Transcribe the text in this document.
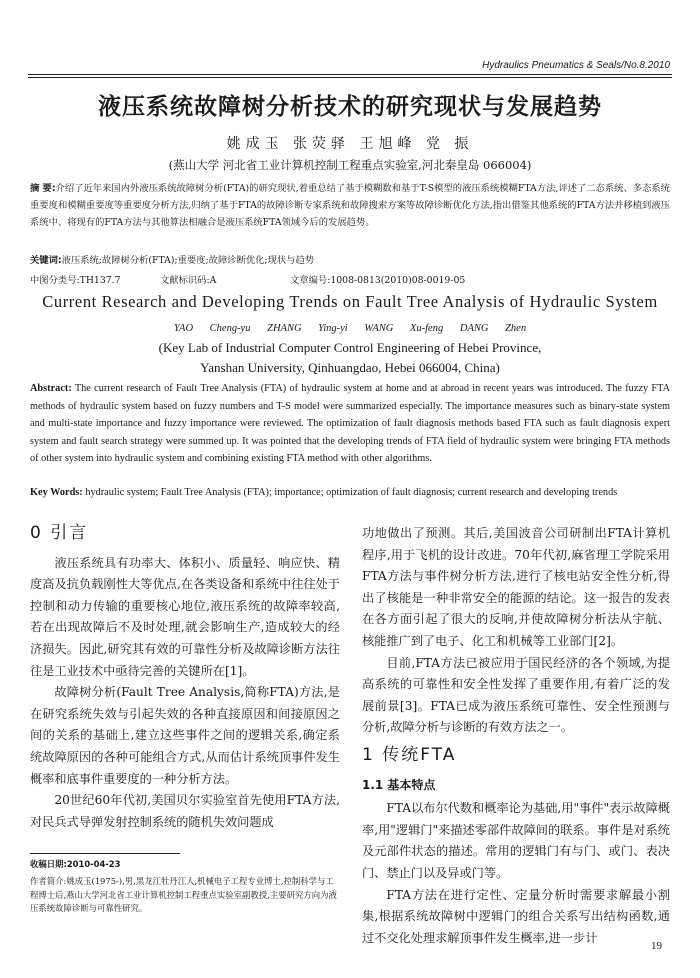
Hydraulics Pneumatics & Seals/No.8.2010
液压系统故障树分析技术的研究现状与发展趋势
姚成玉 张荧驿 王旭峰 党 振
(燕山大学 河北省工业计算机控制工程重点实验室,河北秦皇岛 066004)
摘 要:介绍了近年来国内外液压系统故障树分析(FTA)的研究现状,着重总结了基于模糊数和基于T-S模型的液压系统模糊FTA方法,评述了二态系统、多态系统重要度和模糊重要度等重要度分析方法,归纳了基于FTA的故障诊断专家系统和故障搜索方案等故障诊断优化方法,指出借鉴其他系统的FTA方法并移植到液压系统中、将现有的FTA方法与其他算法相融合是液压系统FTA领域今后的发展趋势。
关键词:液压系统;故障树分析(FTA);重要度;故障诊断优化;现状与趋势
中图分类号:TH137.7	文献标识码:A	文章编号:1008-0813(2010)08-0019-05
Current Research and Developing Trends on Fault Tree Analysis of Hydraulic System
YAO Cheng-yu ZHANG Ying-yi WANG Xu-feng DANG Zhen
(Key Lab of Industrial Computer Control Engineering of Hebei Province,
Yanshan University, Qinhuangdao, Hebei 066004, China)
Abstract: The current research of Fault Tree Analysis (FTA) of hydraulic system at home and at abroad in recent years was introduced. The fuzzy FTA methods of hydraulic system based on fuzzy numbers and T-S model were summarized especially. The importance measures such as binary-state system and multi-state importance and fuzzy importance were reviewed. The optimization of fault diagnosis methods based FTA such as fault diagnosis expert system and fault search strategy were summed up. It was pointed that the developing trends of FTA field of hydraulic system were bringing FTA methods of other system into hydraulic system and combining existing FTA method with other algorithms.
Key Words: hydraulic system; Fault Tree Analysis (FTA); importance; optimization of fault diagnosis; current research and developing trends
0 引言

液压系统具有功率大、体积小、质量轻、响应快、精度高及抗负载刚性大等优点,在各类设备和系统中往往处于控制和动力传输的重要核心地位,液压系统的故障率较高,若在出现故障后不及时处理,就会影响生产,造成较大的经济损失。因此,研究其有效的可靠性分析及故障诊断方法往往是工业技术中亟待完善的关键所在[1]。

故障树分析(Fault Tree Analysis,简称FTA)方法,是在研究系统失效与引起失效的各种直接原因和间接原因之间的关系的基础上,建立这些事件之间的逻辑关系,确定系统故障原因的各种可能组合方式,从而估计系统顶事件发生概率和底事件重要度的一种分析方法。

20世纪60年代初,美国贝尔实验室首先使用FTA方法,对民兵式导弹发射控制系统的随机失效问题成

功地做出了预测。其后,美国波音公司研制出FTA计算机程序,用于飞机的设计改进。70年代初,麻省理工学院采用FTA方法与事件树分析方法,进行了核电站安全性分析,得出了核能是一种非常安全的能源的结论。这一报告的发表在各方面引起了很大的反响,并使故障树分析法从宇航、核能推广到了电子、化工和机械等工业部门[2]。

目前,FTA方法已被应用于国民经济的各个领域,为提高系统的可靠性和安全性发挥了重要作用,有着广泛的发展前景[3]。FTA已成为液压系统可靠性、安全性预测与分析,故障分析与诊断的有效方法之一。

1 传统FTA
1.1 基本特点

FTA以布尔代数和概率论为基础,用"事件"表示故障概率,用"逻辑门"来描述零部件故障间的联系。事件是对系统及元部件状态的描述。常用的逻辑门有与门、或门、表决门、禁止门以及异或门等。

FTA方法在进行定性、定量分析时需要求解最小割集,根据系统故障树中逻辑门的组合关系写出结构函数,通过不交化处理求解顶事件发生概率,进一步计

收稿日期:2010-04-23
作者简介:姚成玉(1975-),男,黑龙江牡丹江人,机械电子工程专业博士,控制科学与工程博士后,燕山大学河北省工业计算机控制工程重点实验室副教授,主要研究方向为液压系统故障诊断与可靠性研究。
19
